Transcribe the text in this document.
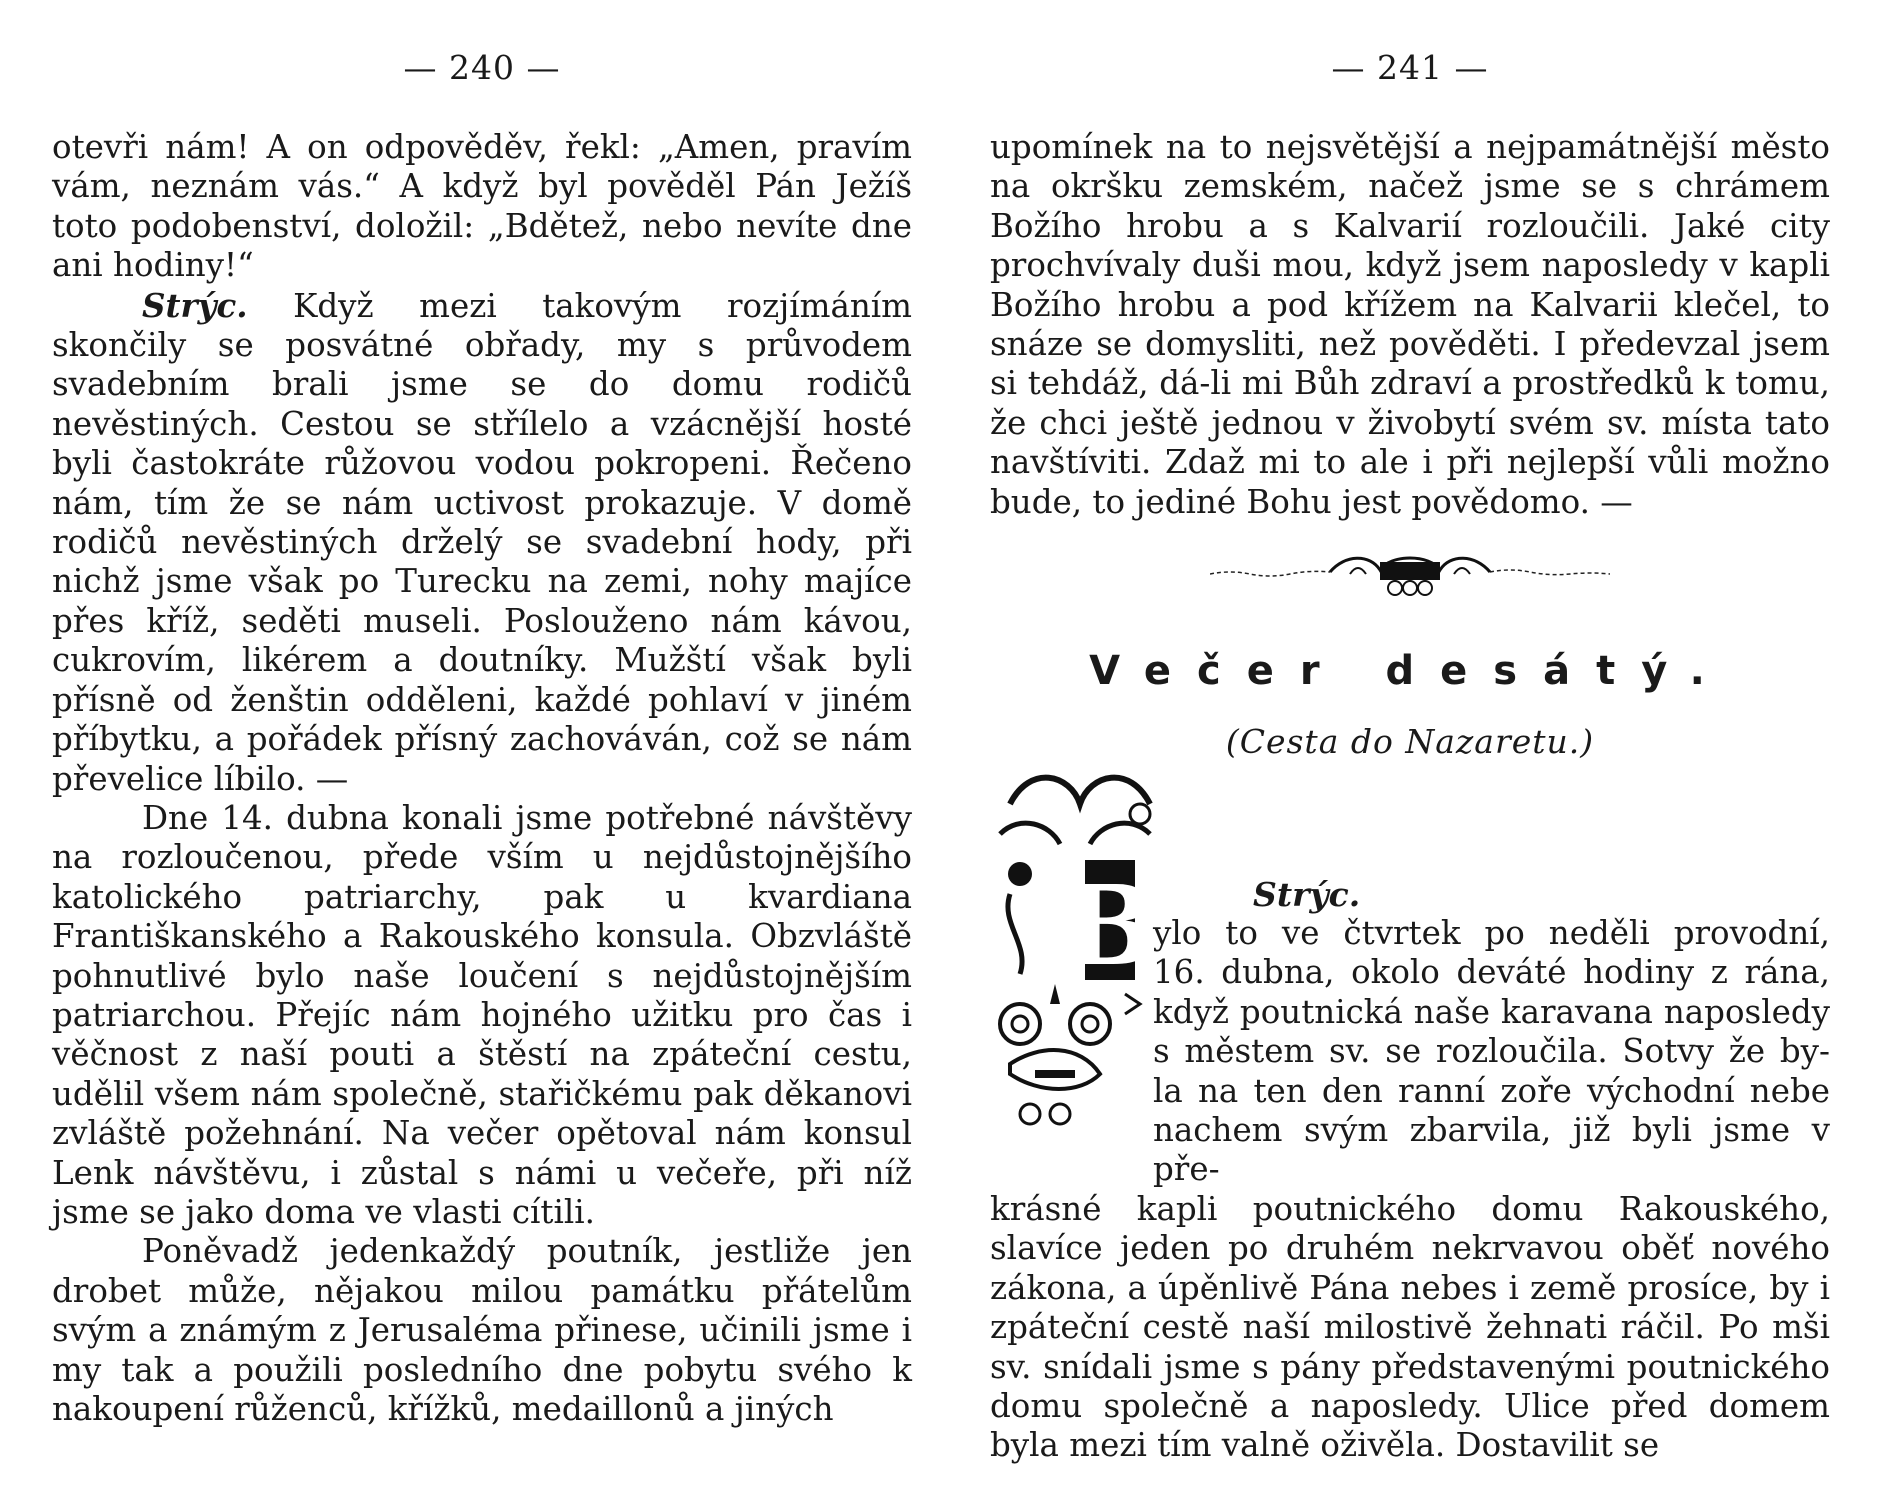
— 240 —

otevři nám! A on odpověděv, řekl: „Amen, pravím vám, neznám vás.“ A když byl pověděl Pán Ježíš toto podobenství, doložil: „Bdětež, nebo nevíte dne ani hodiny!“

Strýc. Když mezi takovým rozjímáním skončily se posvátné obřady, my s průvodem svadebním brali jsme se do domu rodičů nevěstiných. Cestou se střílelo a vzácnější hosté byli častokráte růžovou vodou pokropeni. Řečeno nám, tím že se nám uctivost prokazuje. V domě rodičů nevěstiných drželý se svadební hody, při nichž jsme však po Turecku na zemi, nohy majíce přes kříž, seděti museli. Poslouženo nám kávou, cukrovím, likérem a doutníky. Mužští však byli přísně od ženštin odděleni, každé pohlaví v jiném příbytku, a pořádek přísný zachováván, což se nám převelice líbilo. —

Dne 14. dubna konali jsme potřebné návštěvy na rozloučenou, přede vším u nejdůstojnějšího katolického patriarchy, pak u kvardiana Františkanského a Rakouského konsula. Obzvláště pohnutlivé bylo naše loučení s nejdůstojnějším patriarchou. Přejíc nám hojného užitku pro čas i věčnost z naší pouti a štěstí na zpáteční cestu, udělil všem nám společně, stařičkému pak děkanovi zvláště požehnání. Na večer opětoval nám konsul Lenk návštěvu, i zůstal s námi u večeře, při níž jsme se jako doma ve vlasti cítili.

Poněvadž jedenkaždý poutník, jestliže jen drobet může, nějakou milou památku přátelům svým a známým z Jerusaléma přinese, učinili jsme i my tak a použili posledního dne pobytu svého k nakoupení růženců, křížků, medaillonů a jiných

— 241 —

upomínek na to nejsvětější a nejpamátnější město na okršku zemském, načež jsme se s chrámem Božího hrobu a s Kalvarií rozloučili. Jaké city prochvívaly duši mou, když jsem naposledy v kapli Božího hrobu a pod křížem na Kalvarii klečel, to snáze se domysliti, než pověděti. I předevzal jsem si tehdáž, dá-li mi Bůh zdraví a prostředků k tomu, že chci ještě jednou v živobytí svém sv. místa tato navštíviti. Zdaž mi to ale i při nejlepší vůli možno bude, to jediné Bohu jest povědomo. —

Večer desátý.
(Cesta do Nazaretu.)
B	Strýc.
ylo to ve čtvrtek po neděli provodní,
16. dubna, okolo deváté hodiny z rána,
když poutnická naše karavana naposledy
s městem sv. se rozloučila. Sotvy že by-
la na ten den ranní zoře východní nebe
nachem svým zbarvila, již byli jsme v pře-

krásné kapli poutnického domu Rakouského, slavíce jeden po druhém nekrvavou oběť nového zákona, a úpěnlivě Pána nebes i země prosíce, by i zpáteční cestě naší milostivě žehnati ráčil. Po mši sv. snídali jsme s pány představenými poutnického domu společně a naposledy. Ulice před domem byla mezi tím valně oživěla. Dostavilit se
